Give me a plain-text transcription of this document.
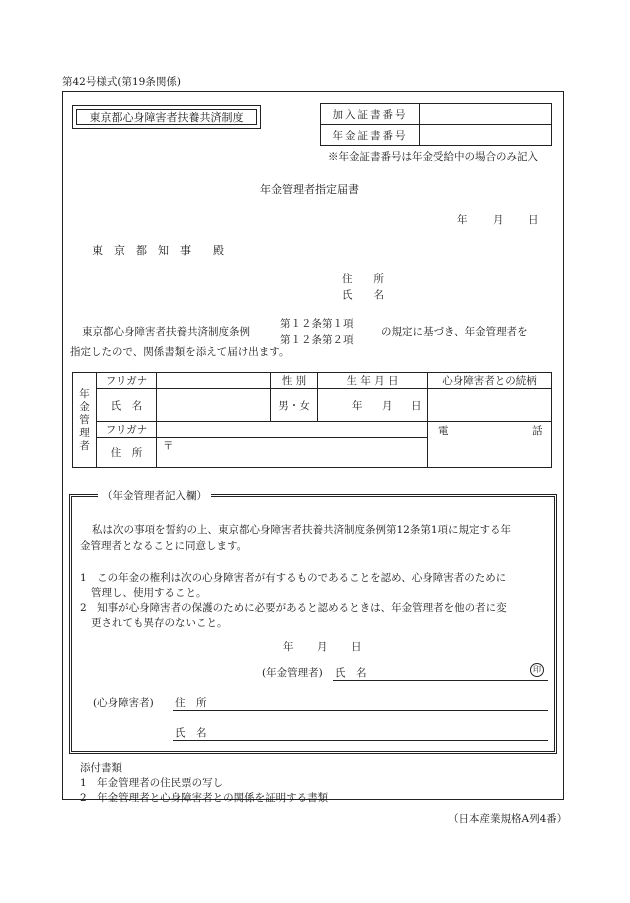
第42号様式(第19条関係)
東京都心身障害者扶養共済制度	加入証書番号	
年金証書番号	
※年金証書番号は年金受給中の場合のみ記入
年金管理者指定届書
年 月 日
東　京　都　知　事　　殿
住　　所
氏　　名
東京都心身障害者扶養共済制度条例
第１２条第１項
第１２条第２項
の規定に基づき、年金管理者を
指定したので、関係書類を添えて届け出ます。
年
金
管
理
者	フリガナ		性 別	生 年 月 日	心身障害者との続柄
	氏　名		男・女	年 月 日	

	フリガナ				電 話

	住　所	〒			
（年金管理者記入欄）
私は次の事項を誓約の上、東京都心身障害者扶養共済制度条例第12条第1項に規定する年
金管理者となることに同意します。
1　この年金の権利は次の心身障害者が有するものであることを認め、心身障害者のために
管理し、使用すること。
2　知事が心身障害者の保護のために必要があると認めるときは、年金管理者を他の者に変
更されても異存のないこと。
年 月 日
(年金管理者) 氏　名	印
(心身障害者) 住　所
氏　名
添付書類
1　年金管理者の住民票の写し
2　年金管理者と心身障害者との関係を証明する書類
（日本産業規格A列4番）
